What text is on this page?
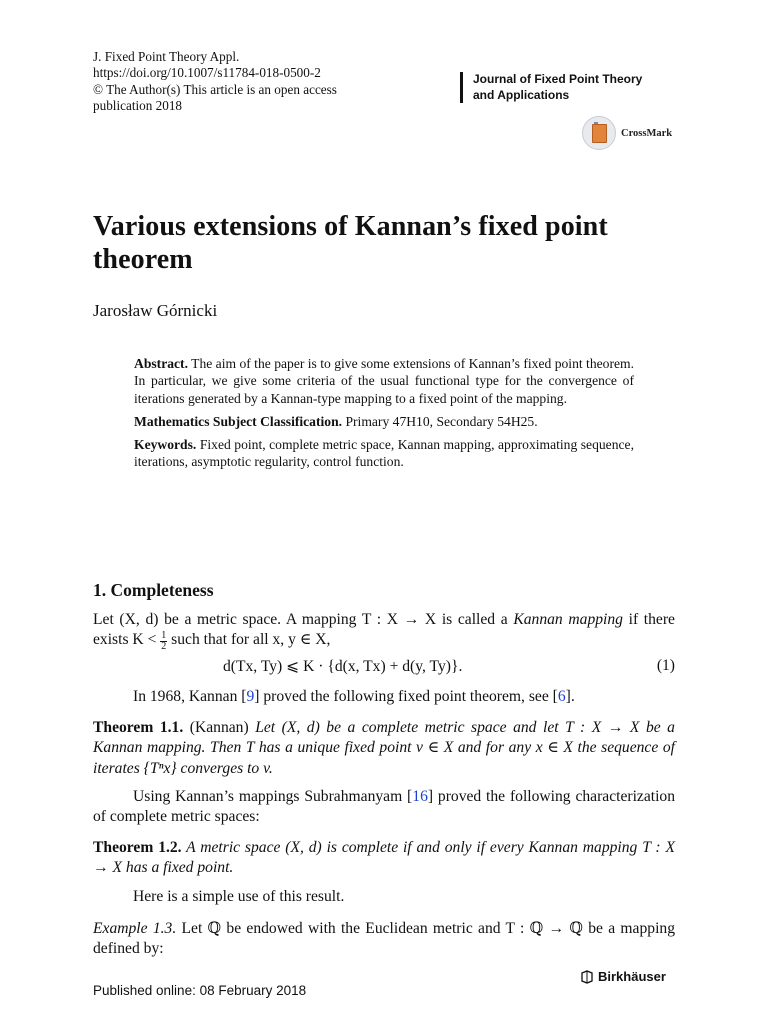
J. Fixed Point Theory Appl.
https://doi.org/10.1007/s11784-018-0500-2
© The Author(s) This article is an open access
publication 2018
Journal of Fixed Point Theory
and Applications
CrossMark
Various extensions of Kannan’s fixed point theorem
Jarosław Górnicki

Abstract. The aim of the paper is to give some extensions of Kannan’s fixed point theorem. In particular, we give some criteria of the usual functional type for the convergence of iterations generated by a Kannan-type mapping to a fixed point of the mapping.

Mathematics Subject Classification. Primary 47H10, Secondary 54H25.

Keywords. Fixed point, complete metric space, Kannan mapping, approximating sequence, iterations, asymptotic regularity, control function.

1. Completeness

Let (X, d) be a metric space. A mapping T : X → X is called a Kannan mapping if there exists $K < \frac{1}{2}$ such that for all x, y ∈ X,

d(Tx, Ty) ⩽ K · {d(x, Tx) + d(y, Ty)}.	(1)

In 1968, Kannan [9] proved the following fixed point theorem, see [6].

Theorem 1.1. (Kannan) Let (X, d) be a complete metric space and let T : X → X be a Kannan mapping. Then T has a unique fixed point v ∈ X and for any x ∈ X the sequence of iterates {Tⁿx} converges to v.

Using Kannan’s mappings Subrahmanyam [16] proved the following characterization of complete metric spaces:

Theorem 1.2. A metric space (X, d) is complete if and only if every Kannan mapping T : X → X has a fixed point.

Here is a simple use of this result.

Example 1.3. Let ℚ be endowed with the Euclidean metric and T : ℚ → ℚ be a mapping defined by:

Birkhäuser
Published online: 08 February 2018
